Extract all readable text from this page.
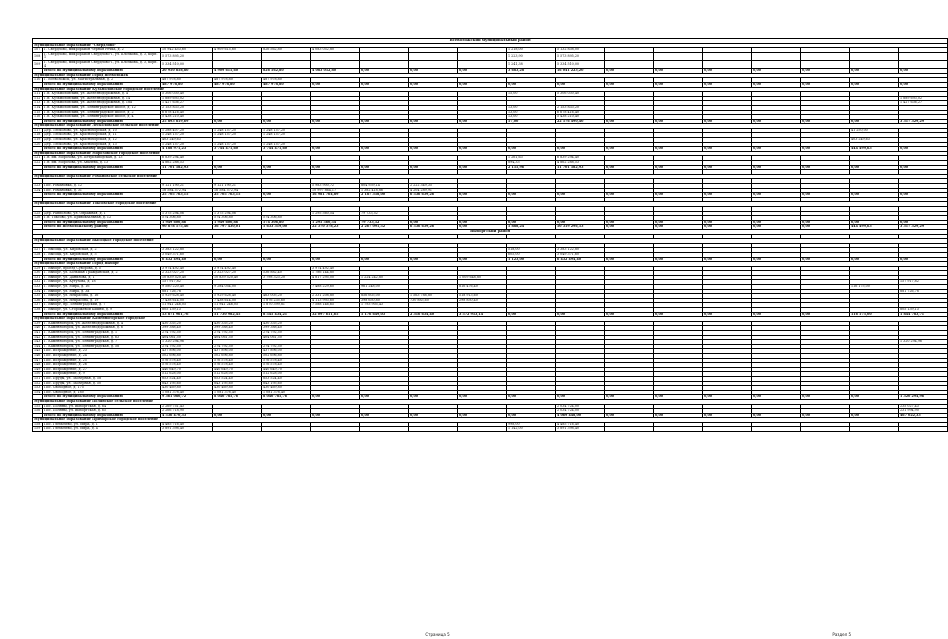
Всеволожский муниципальный район																	
Муниципальное образование "Свердлово"																	
107	Г. Свердлово, микрорайон Чёрная Речка, д. 2	10 942 453,60	4 909 615,60	826 562,80	4 083 052,80				1 218,00	5 132 838,00							
108	Г. Свердлово, микрорайон Свердлово-1, ул. Клочкова, д. 3, корп. 1	5 573 895,20							1 223,90	5 573 895,20							
109	Г. Свердлово, микрорайон Свердлово-1, ул. Клочкова, д. 3, корп. 4	5 334 510,00							1 241,38	5 334 510,00							
	Итого по муниципальному образованию	20 950 858,80	4 909 615,60	826 562,80	4 083 052,80	0,00	0,00	0,00	3 683,28	16 041 223,20	0,00	0,00	0,00	0,00	0,00	0,00	0,00
Муниципальное образование Город Всеволожск																	
110	Г. Всеволожск, ул. Магистральная, д. 2	487 978,80	487 978,80	487 978,80													
	Итого по муниципальному образованию	487 978,80	487 978,80	487 978,80	0,00	0,00	0,00	0,00	0,00	0,00	0,00	0,00	0,00	0,00	0,00	0,00	0,00
Муниципальное образование Кузьмоловское городское поселение																	
111	Г.п. Кузьмоловский, ул. Железнодорожная, д. 4	5 306 030,40							15,00	5 306 030,40							
112	Г.п. Кузьмоловский, ул. Железнодорожная, д. 14	1 889 693,02															1 889 693,02
113	Г.п. Кузьмоловский, ул. Железнодорожная, д. 18а	1 427 636,27															1 427 636,27
114	Г.п. Кузьмоловский, ул. Ленинградское шоссе, д. 12	2 153 833,20							13,00	2 153 833,20							
115	Г.п. Кузьмоловский, ул. Ленинградское шоссе, д. 2	6 678 416,40							13,00	6 678 416,40							
116	Г.п. Кузьмоловский, ул. Ленинградское шоссе, д. 4	5 438 210,40							13,00	5 438 210,40							
	Итого по муниципальному образованию	25 893 819,69	0,00	0,00	0,00	0,00	0,00	0,00	57,00	22 576 490,40	0,00	0,00	0,00	0,00	0,00	0,00	3 317 329,29
Муниципальное образование Лесколовское сельское поселение																	
117	Дер. Лесколово, ул. Красноборская, д. 10	1 288 407,20	1 248 157,20	1 248 157,20												41 250,00	
118	Дер. Лесколово, ул. Красноборская, д. 11	1 248 157,20	1 248 157,20	1 248 157,20													
119	Дер. Лесколово, ул. Красноборская, д. 12	403 249,63														403 249,63	
120	Дер. Лесколово, ул. Красноборская, д. 13	1 248 157,20	1 248 157,20	1 248 157,20													
	Итого по муниципальному образованию	4 188 971,23	3 744 471,60	3 744 471,60	0,00	0,00	0,00	0,00	0,00	0,00	0,00	0,00	0,00	0,00	0,00	444 499,63	0,00
Муниципальное образование Морозовское городское поселение																	
121	Г.п. им. Морозова, ул. Петрозаводская, д. 13	6 839 294,40							1 261,63	6 839 294,40							
122	Г.п. им. Морозова, ул. Хвалева, д. 13	4 862 288,53							894,33	4 862 288,53							
	Итого по муниципальному образованию	11 701 582,93	0,00	0,00	0,00	0,00	0,00	0,00	2 155,96	11 701 582,93	0,00	0,00	0,00	0,00	0,00	0,00	0,00

Муниципальное образование Романовское сельское поселение																	

123	Пос. Романовка, д. 12	9 121 190,21	9 121 190,21		5 983 900,72	804 939,14	2 222 349,35										
124	Пос. Романовка, д. 31	16 584 572,94	16 584 572,94		10 997 864,17	1 382 418,86	4 204 289,91										
	Итого по муниципальному образованию	25 705 763,15	25 705 763,15	0,00	16 981 764,89	2 187 358,00	6 536 639,26	0,00	0,00	0,00	0,00	0,00	0,00	0,00	0,00	0,00	0,00

Муниципальное образование Токсовское городское поселение																	

125	Дер. Рапполово, ул. Овражная, д. 1	1 375 294,06	1 375 294,06		1 295 560,54	79 733,52											
126	Г.п. Токсово, ул. Привокзальная, д. 12	574 306,80	574 306,80	574 306,80													
	Итого по муниципальному образованию	1 949 600,86	1 949 600,86	574 306,80	1 295 560,54	79 733,52	0,00	0,00	0,00	0,00	0,00	0,00	0,00	0,00	0,00	0,00	0,00
	Итого по Всеволожскому району	90 878 575,46	36 797 430,01	5 633 319,00	22 370 378,23	2 267 091,52	6 536 639,26	0,00	5 888,24	50 319 296,53	0,00	0,00	0,00	0,00	0,00	444 499,63	3 317 329,29
Выборгский район																	

Муниципальное образование Высоцкое городское поселение																	

127	Г. Высоцк, ул. Кировская, д. 2	3 383 122,80							518,00	3 383 122,80							
128	Г. Высоцк, ул. Кировская, д. 5	3 049 371,60							605,00	3 049 371,60							
	Итого по муниципальному образованию	6 432 494,40	0,00	0,00	0,00	0,00	0,00	0,00	1 123,00	6 432 494,40	0,00	0,00	0,00	0,00	0,00	0,00	0,00
Муниципальное образование Город Выборг																	
129	Г. Выборг, проезд Суворова, д. 5	3 974 492,40	3 974 492,40		3 974 492,40												
130	Г. Выборг, ул. Большая Гражданская, д. 2	2 323 027,20	2 323 027,20	536 882,40	1 786 144,80												
131	Г. Выборг, ул. Данилова, д. 1	10 839 520,40	10 839 520,40	3 798 323,20	4 817 295,00	1 224 242,80		1 009 648,80									
132	Г. Выборг, ул. Кутузова, д. 18	157 917,82															157 917,82
133	Г. Выборг, ул. Мира, д. 16	9 580 220,40	9 284 054,00		7 488 229,60	961 248,00		816 476,40								116 175,00	
134	Г. Выборг, ул. Мира, д. 3а	881 726,78															881 726,78
135	Г. Выборг, ул. Некрасова, д. 16	5 929 628,40	5 929 628,40	463 005,20	2 331 208,80	856 603,00	1 563 788,80	518 913,60									
136	Г. Выборг, ул. Некрасова, д. 19	7 438 614,00	7 438 614,00	1 876 235,60	4 113 993,60	398 650,80	730 883,60	298 850,40									
137	Г. Выборг, пр. Ленинградский, д. 7	11 941 246,05	11 941 246,05	1 870 399,81	7 588 146,65	1 793 905,43											
138	Г. Выборг, ул. Сторожевой Башни, д. 9	805 139,13	0,00														805 139,13
	Итого по муниципальному образованию	53 871 961,76	51 730 982,45	8 545 434,21	32 097 611,65	5 176 649,03	2 316 634,40	3 572 953,14	0,00	0,00	0,00	0,00	0,00	0,00	0,00	116 175,00	1 844 783,71
Муниципальное образование Каменногорское городское																	
139	Г. Каменногорск, ул. Железнодорожная, д. 4	430 335,20	430 335,20	430 335,20													
140	Г. Каменногорск, ул. Железнодорожная, д. 6	399 388,40	399 388,40	399 388,40													
141	Г. Каменногорск, ул. Ленинградская, д. 1	274 792,50	274 792,50	274 792,50													
142	Г. Каменногорск, ул. Ленинградская, д. 63	404 061,50	404 061,50	404 061,50													
143	Г. Каменногорск, ул. Ленинградская, д. 7	1 320 294,96															1 320 294,96
144	Г. Каменногорск, ул. Ленинградская, д. 58	274 792,50	274 792,50	274 792,50													
145	Пос. Возрождение, д. 23	437 896,00	437 896,00	437 896,00													
146	Пос. Возрождение, д. 24	502 696,80	502 696,80	502 696,80													
147	Пос. Возрождение, д. 25	576 578,40	576 578,40	576 578,40													
148	Пос. Возрождение, д. 26	576 578,40	576 578,40	576 578,40													
149	Пос. Возрождение, д. 27	440 649,70	440 649,70	440 649,70													
150	Пос. Возрождение, д. 9	512 628,00	512 628,00	512 628,00													
151	Пос. Пруды, ул. Заозерная, д. 58	853 524,40	853 524,40	853 524,40													
152	Пос. Пруды, ул. Заозерная, д. 50	843 195,60	843 195,60	843 195,60													
153	Пос. Свободное, д. 175	430 469,80	430 469,80	430 469,80													
154	Пос. Свободное, д. 180	1 081 378,40	1 081 378,40	1 081 378,40													
	Итого по муниципальному образованию	9 361 080,72	8 040 785,76	8 040 785,76	0,00	0,00	0,00	0,00	0,00	0,00	0,00	0,00	0,00	0,00	0,00	0,00	1 320 294,96
Муниципальное образование Полянское сельское поселение																	
155	Пос. Поляны, ул. Выборгская, д. 64	2 269 751,43								2 034 724,00							235 027,43
156	Пос. Поляны, ул. Выборгская, д. 65	2 266 718,90								2 034 724,00							231 994,90
	Итого по муниципальному образованию	4 536 470,33	0,00	0,00	0,00	0,00	0,00	0,00	0,00	4 069 448,00	0,00	0,00	0,00	0,00	0,00	0,00	467 022,33
Муниципальное образование Приморское городское поселение																	
158	Пос. Глебычево, ул. Мира, д. 1	4 485 716,40							998,00	4 485 716,40							
159	Пос. Глебычево, ул. Мира, д. 4	3 891 398,40							1 142,00	3 891 398,40							
Страница 5	Раздел 5
